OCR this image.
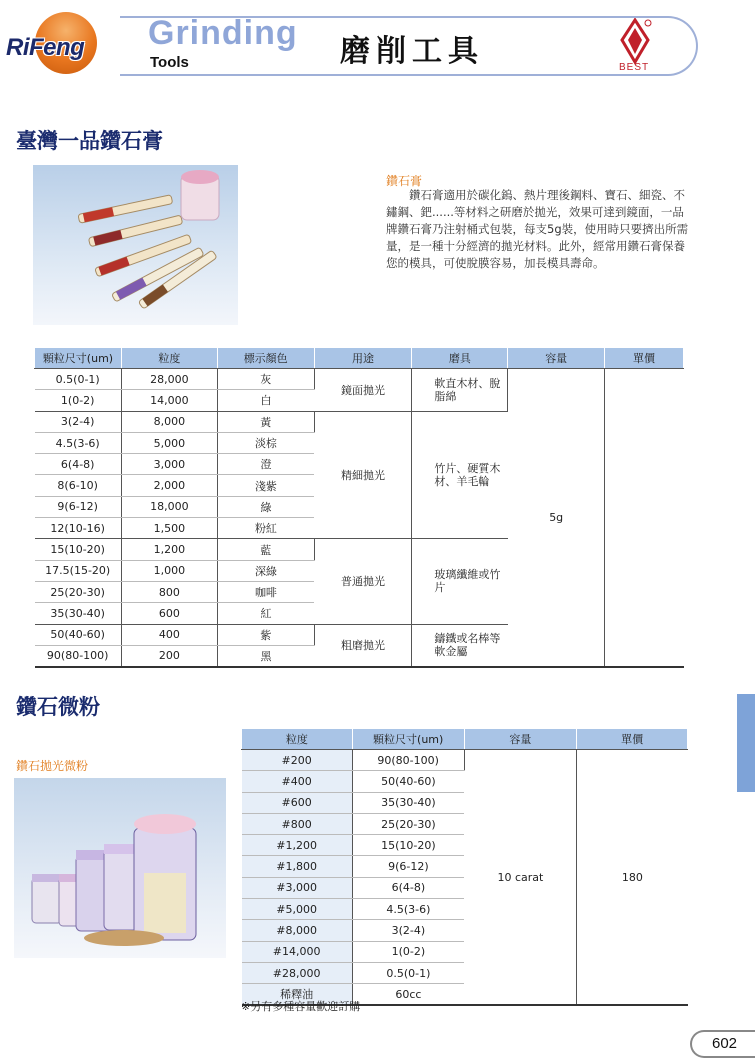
RiFeng Grinding
Tools	磨削工具	BEST
臺灣一品鑽石膏
鑽石膏
鑽石膏適用於碳化鎢、熱片理後鋼料、寶石、細瓷、不鏽鋼、鈀......等材料之研磨於拋光，效果可達到鏡面，一品牌鑽石膏乃注射桶式包裝，每支5g裝，使用時只要擠出所需量，是一種十分經濟的拋光材料。此外，經常用鑽石膏保養您的模具，可使脫膜容易，加長模具壽命。
顆粒尺寸(um)	粒度	標示顏色	用途	磨具	容量	單價
0.5(0-1)	28,000	灰	鏡面拋光	軟直木材、脫脂綿	5g	
1(0-2)	14,000	白				
3(2-4)	8,000	黃	精細拋光	竹片、硬質木材、羊毛輪		
4.5(3-6)	5,000	淡棕				
6(4-8)	3,000	澄				
8(6-10)	2,000	淺紫				
9(6-12)	18,000	綠				
12(10-16)	1,500	粉紅				
15(10-20)	1,200	藍	普通拋光	玻璃纖維或竹片		
17.5(15-20)	1,000	深綠				
25(20-30)	800	咖啡				
35(30-40)	600	紅				
50(40-60)	400	紫	粗磨拋光	鑄鐵或名棒等軟金屬		
90(80-100)	200	黑				
鑽石微粉
鑽石拋光微粉
粒度	顆粒尺寸(um)	容量	單價
#200	90(80-100)	10 carat	180
#400	50(40-60)		
#600	35(30-40)		
#800	25(20-30)		
#1,200	15(10-20)		
#1,800	9(6-12)		
#3,000	6(4-8)		
#5,000	4.5(3-6)		
#8,000	3(2-4)		
#14,000	1(0-2)		
#28,000	0.5(0-1)		
稀釋油	60cc		
※另有多種容量歡迎訂購
602
